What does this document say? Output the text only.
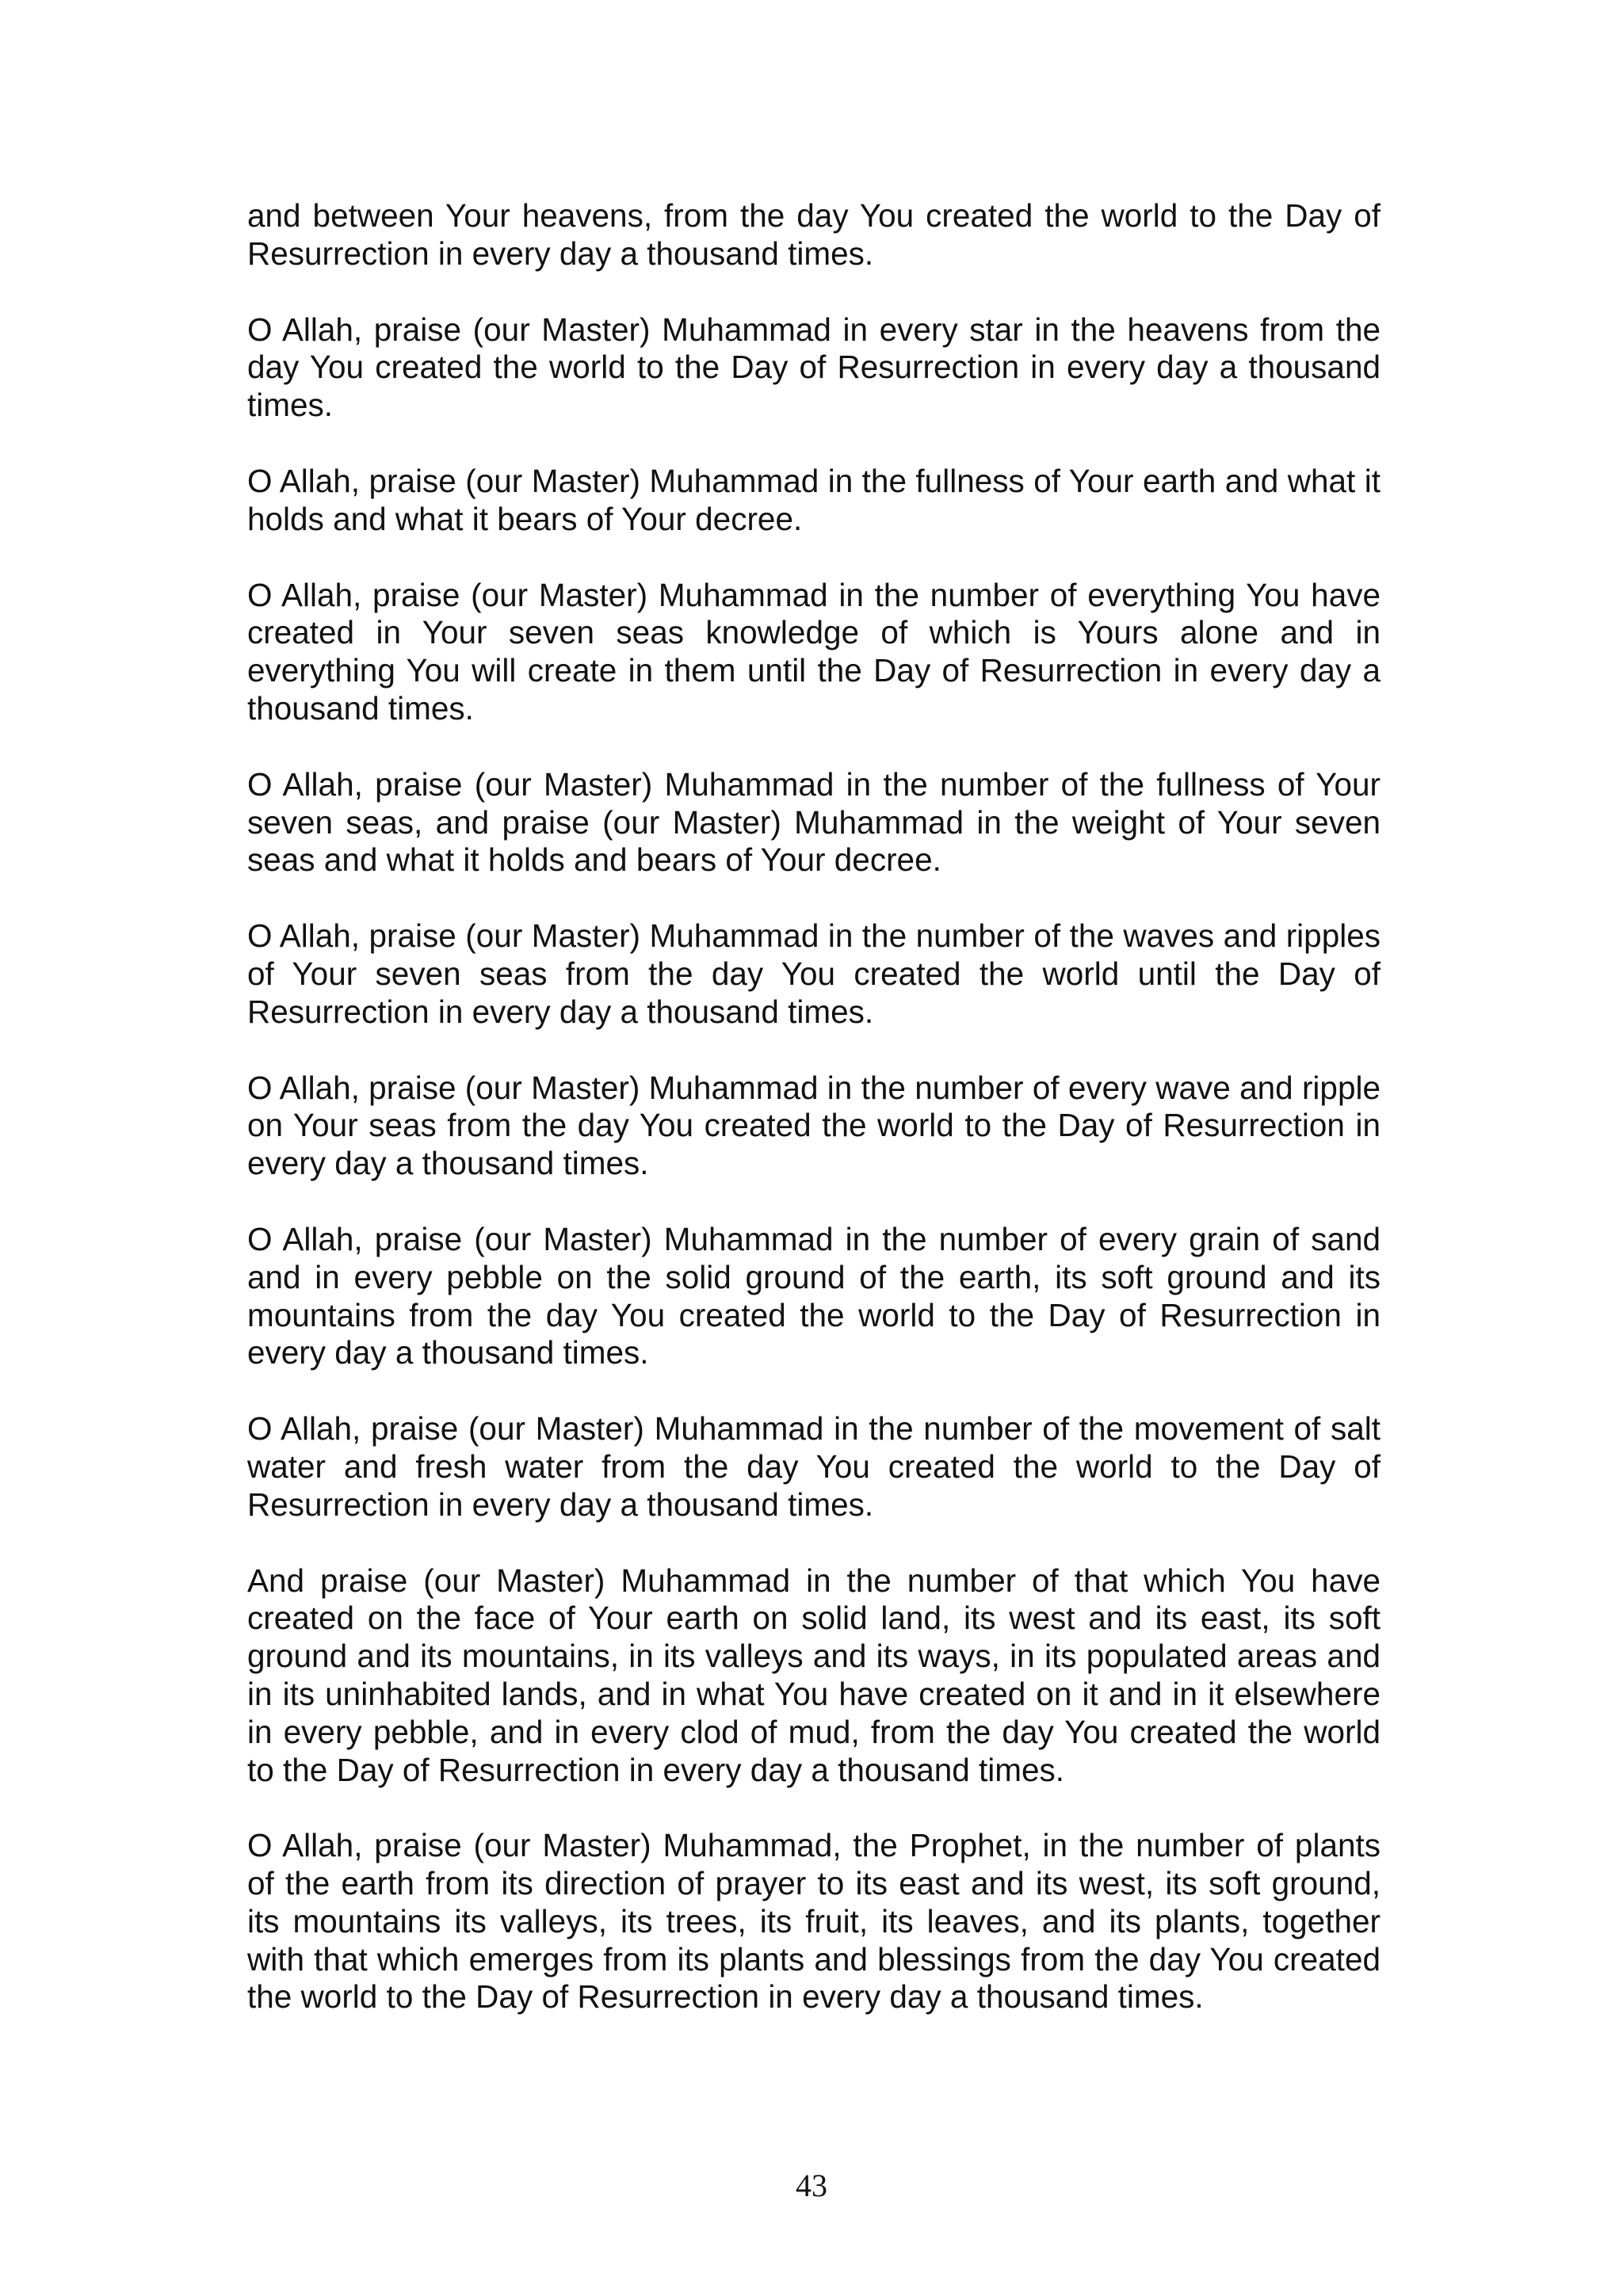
and between Your heavens, from the day You created the world to the Day of Resurrection in every day a thousand times.

O Allah, praise (our Master) Muhammad in every star in the heavens from the day You created the world to the Day of Resurrection in every day a thousand times.

O Allah, praise (our Master) Muhammad in the fullness of Your earth and what it holds and what it bears of Your decree.

O Allah, praise (our Master) Muhammad in the number of everything You have created in Your seven seas knowledge of which is Yours alone and in everything You will create in them until the Day of Resurrection in every day a thousand times.

O Allah, praise (our Master) Muhammad in the number of the fullness of Your seven seas, and praise (our Master) Muhammad in the weight of Your seven seas and what it holds and bears of Your decree.

O Allah, praise (our Master) Muhammad in the number of the waves and ripples of Your seven seas from the day You created the world until the Day of Resurrection in every day a thousand times.

O Allah, praise (our Master) Muhammad in the number of every wave and ripple on Your seas from the day You created the world to the Day of Resurrection in every day a thousand times.

O Allah, praise (our Master) Muhammad in the number of every grain of sand and in every pebble on the solid ground of the earth, its soft ground and its mountains from the day You created the world to the Day of Resurrection in every day a thousand times.

O Allah, praise (our Master) Muhammad in the number of the movement of salt water and fresh water from the day You created the world to the Day of Resurrection in every day a thousand times.

And praise (our Master) Muhammad in the number of that which You have created on the face of Your earth on solid land, its west and its east, its soft ground and its mountains, in its valleys and its ways, in its populated areas and in its uninhabited lands, and in what You have created on it and in it elsewhere in every pebble, and in every clod of mud, from the day You created the world to the Day of Resurrection in every day a thousand times.

O Allah, praise (our Master) Muhammad, the Prophet, in the number of plants of the earth from its direction of prayer to its east and its west, its soft ground, its mountains its valleys, its trees, its fruit, its leaves, and its plants, together with that which emerges from its plants and blessings from the day You created the world to the Day of Resurrection in every day a thousand times.

43
